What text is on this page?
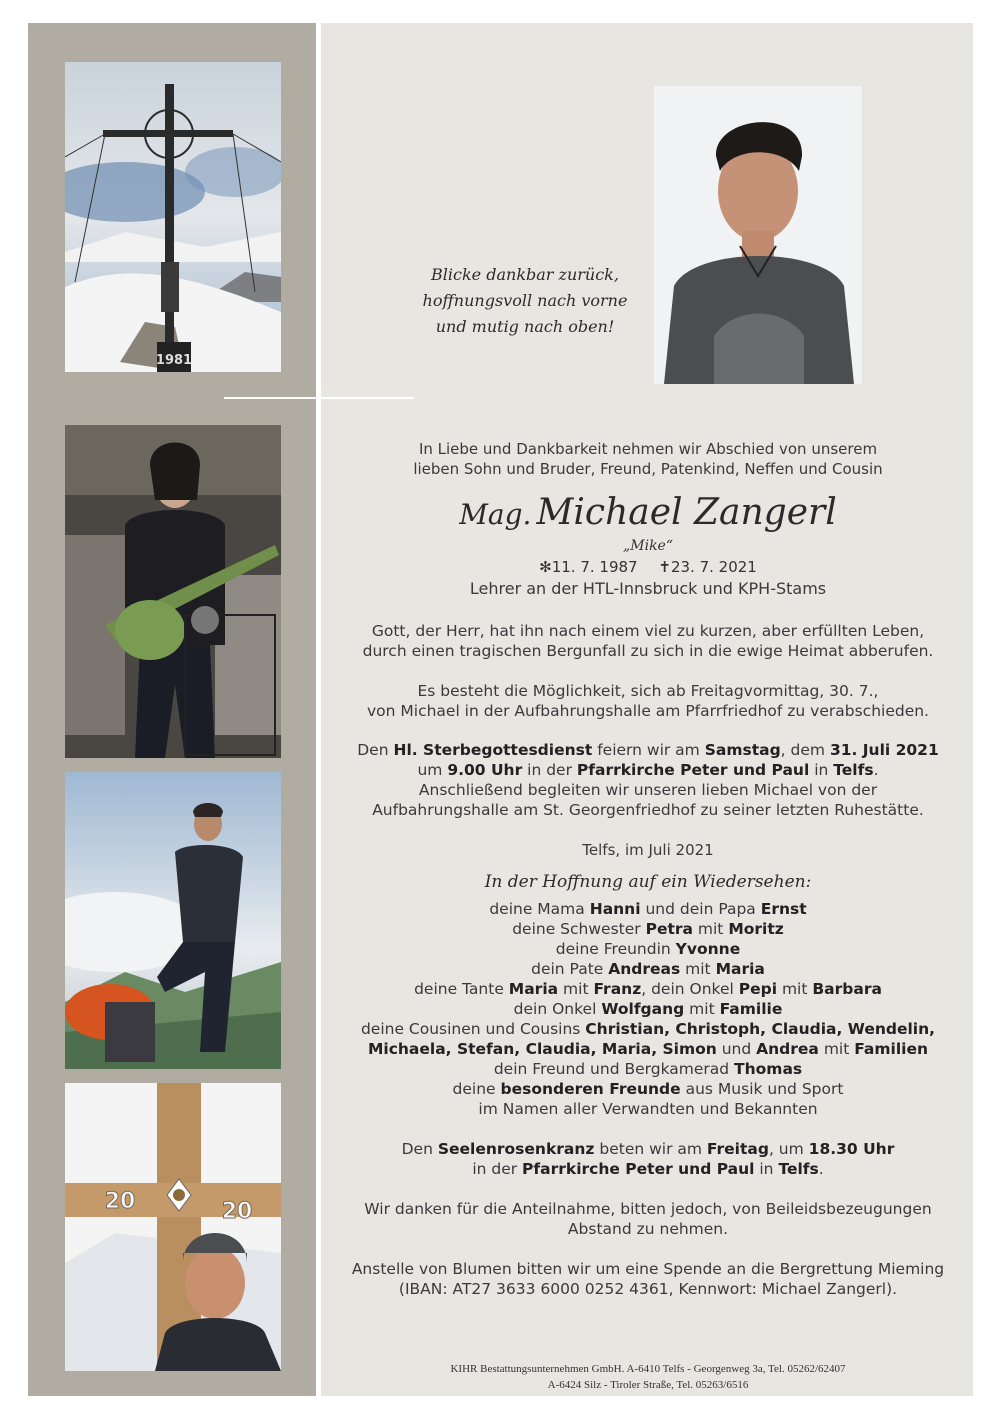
1981
20	20
Blicke dankbar zurück,
hoffnungsvoll nach vorne
und mutig nach oben!
In Liebe und Dankbarkeit nehmen wir Abschied von unserem
lieben Sohn und Bruder, Freund, Patenkind, Neffen und Cousin
Mag. Michael Zangerl
„Mike“
✻11. 7. 1987 ✝23. 7. 2021
Lehrer an der HTL-Innsbruck und KPH-Stams
Gott, der Herr, hat ihn nach einem viel zu kurzen, aber erfüllten Leben,
durch einen tragischen Bergunfall zu sich in die ewige Heimat abberufen.
Es besteht die Möglichkeit, sich ab Freitagvormittag, 30. 7.,
von Michael in der Aufbahrungshalle am Pfarrfriedhof zu verabschieden.
Den Hl. Sterbegottesdienst feiern wir am Samstag, dem 31. Juli 2021
um 9.00 Uhr in der Pfarrkirche Peter und Paul in Telfs.
Anschließend begleiten wir unseren lieben Michael von der
Aufbahrungshalle am St. Georgenfriedhof zu seiner letzten Ruhestätte.
Telfs, im Juli 2021
In der Hoffnung auf ein Wiedersehen:
deine Mama Hanni und dein Papa Ernst
deine Schwester Petra mit Moritz
deine Freundin Yvonne
dein Pate Andreas mit Maria
deine Tante Maria mit Franz, dein Onkel Pepi mit Barbara
dein Onkel Wolfgang mit Familie
deine Cousinen und Cousins Christian, Christoph, Claudia, Wendelin,
Michaela, Stefan, Claudia, Maria, Simon und Andrea mit Familien
dein Freund und Bergkamerad Thomas
deine besonderen Freunde aus Musik und Sport
im Namen aller Verwandten und Bekannten
Den Seelenrosenkranz beten wir am Freitag, um 18.30 Uhr
in der Pfarrkirche Peter und Paul in Telfs.
Wir danken für die Anteilnahme, bitten jedoch, von Beileidsbezeugungen
Abstand zu nehmen.
Anstelle von Blumen bitten wir um eine Spende an die Bergrettung Mieming
(IBAN: AT27 3633 6000 0252 4361, Kennwort: Michael Zangerl).
KIHR Bestattungsunternehmen GmbH. A-6410 Telfs - Georgenweg 3a, Tel. 05262/62407
A-6424 Silz - Tiroler Straße, Tel. 05263/6516
